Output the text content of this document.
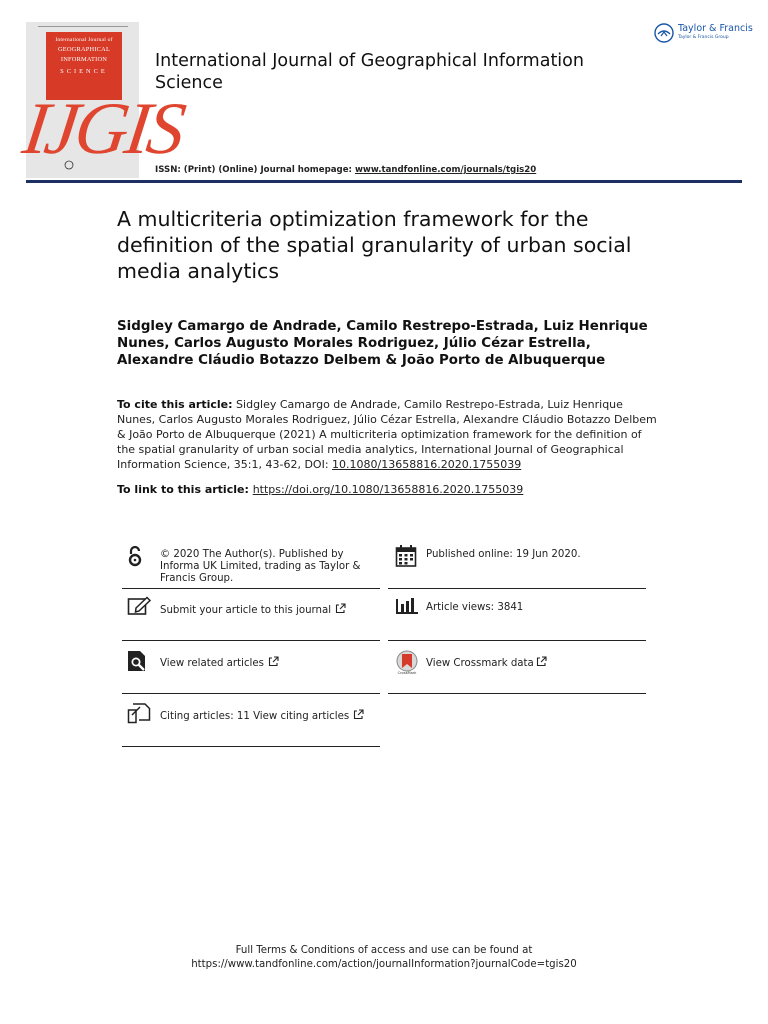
International Journal of
GEOGRAPHICAL
INFORMATION
SCIENCE
IJGIS
International Journal of Geographical Information Science
ISSN: (Print) (Online) Journal homepage: www.tandfonline.com/journals/tgis20
Taylor & Francis
Taylor & Francis Group
A multicriteria optimization framework for the definition of the spatial granularity of urban social media analytics
Sidgley Camargo de Andrade, Camilo Restrepo-Estrada, Luiz Henrique Nunes, Carlos Augusto Morales Rodriguez, Júlio Cézar Estrella, Alexandre Cláudio Botazzo Delbem & João Porto de Albuquerque
To cite this article: Sidgley Camargo de Andrade, Camilo Restrepo-Estrada, Luiz Henrique Nunes, Carlos Augusto Morales Rodriguez, Júlio Cézar Estrella, Alexandre Cláudio Botazzo Delbem & João Porto de Albuquerque (2021) A multicriteria optimization framework for the definition of the spatial granularity of urban social media analytics, International Journal of Geographical Information Science, 35:1, 43-62, DOI: 10.1080/13658816.2020.1755039
To link to this article: https://doi.org/10.1080/13658816.2020.1755039
© 2020 The Author(s). Published by Informa UK Limited, trading as Taylor & Francis Group.
Published online: 19 Jun 2020.
Submit your article to this journal	Article views: 3841
View related articles
CrossMark
View Crossmark data
Citing articles: 11 View citing articles
Full Terms & Conditions of access and use can be found at
https://www.tandfonline.com/action/journalInformation?journalCode=tgis20
